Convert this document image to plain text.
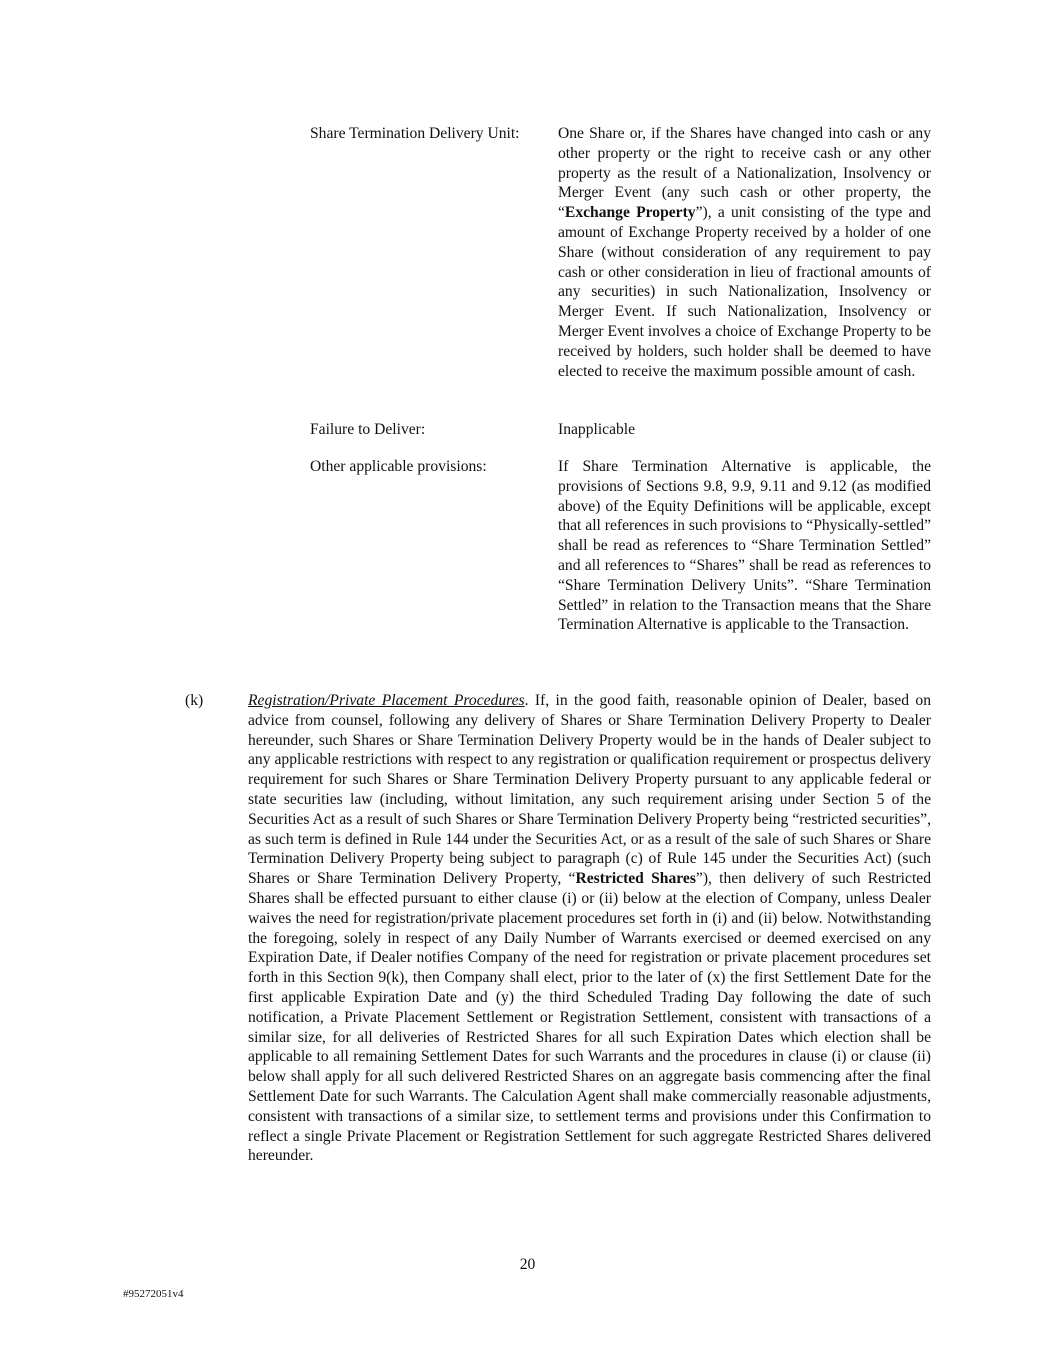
Share Termination Delivery Unit:	One Share or, if the Shares have changed into cash or any other property or the right to receive cash or any other property as the result of a Nationalization, Insolvency or Merger Event (any such cash or other property, the “Exchange Property”), a unit consisting of the type and amount of Exchange Property received by a holder of one Share (without consideration of any requirement to pay cash or other consideration in lieu of fractional amounts of any securities) in such Nationalization, Insolvency or Merger Event. If such Nationalization, Insolvency or Merger Event involves a choice of Exchange Property to be received by holders, such holder shall be deemed to have elected to receive the maximum possible amount of cash.
Failure to Deliver:	Inapplicable
Other applicable provisions:	If Share Termination Alternative is applicable, the provisions of Sections 9.8, 9.9, 9.11 and 9.12 (as modified above) of the Equity Definitions will be applicable, except that all references in such provisions to “Physically-settled” shall be read as references to “Share Termination Settled” and all references to “Shares” shall be read as references to “Share Termination Delivery Units”. “Share Termination Settled” in relation to the Transaction means that the Share Termination Alternative is applicable to the Transaction.
(k)	Registration/Private Placement Procedures. If, in the good faith, reasonable opinion of Dealer, based on advice from counsel, following any delivery of Shares or Share Termination Delivery Property to Dealer hereunder, such Shares or Share Termination Delivery Property would be in the hands of Dealer subject to any applicable restrictions with respect to any registration or qualification requirement or prospectus delivery requirement for such Shares or Share Termination Delivery Property pursuant to any applicable federal or state securities law (including, without limitation, any such requirement arising under Section 5 of the Securities Act as a result of such Shares or Share Termination Delivery Property being “restricted securities”, as such term is defined in Rule 144 under the Securities Act, or as a result of the sale of such Shares or Share Termination Delivery Property being subject to paragraph (c) of Rule 145 under the Securities Act) (such Shares or Share Termination Delivery Property, “Restricted Shares”), then delivery of such Restricted Shares shall be effected pursuant to either clause (i) or (ii) below at the election of Company, unless Dealer waives the need for registration/private placement procedures set forth in (i) and (ii) below. Notwithstanding the foregoing, solely in respect of any Daily Number of Warrants exercised or deemed exercised on any Expiration Date, if Dealer notifies Company of the need for registration or private placement procedures set forth in this Section 9(k), then Company shall elect, prior to the later of (x) the first Settlement Date for the first applicable Expiration Date and (y) the third Scheduled Trading Day following the date of such notification, a Private Placement Settlement or Registration Settlement, consistent with transactions of a similar size, for all deliveries of Restricted Shares for all such Expiration Dates which election shall be applicable to all remaining Settlement Dates for such Warrants and the procedures in clause (i) or clause (ii) below shall apply for all such delivered Restricted Shares on an aggregate basis commencing after the final Settlement Date for such Warrants. The Calculation Agent shall make commercially reasonable adjustments, consistent with transactions of a similar size, to settlement terms and provisions under this Confirmation to reflect a single Private Placement or Registration Settlement for such aggregate Restricted Shares delivered hereunder.
20
#95272051v4
